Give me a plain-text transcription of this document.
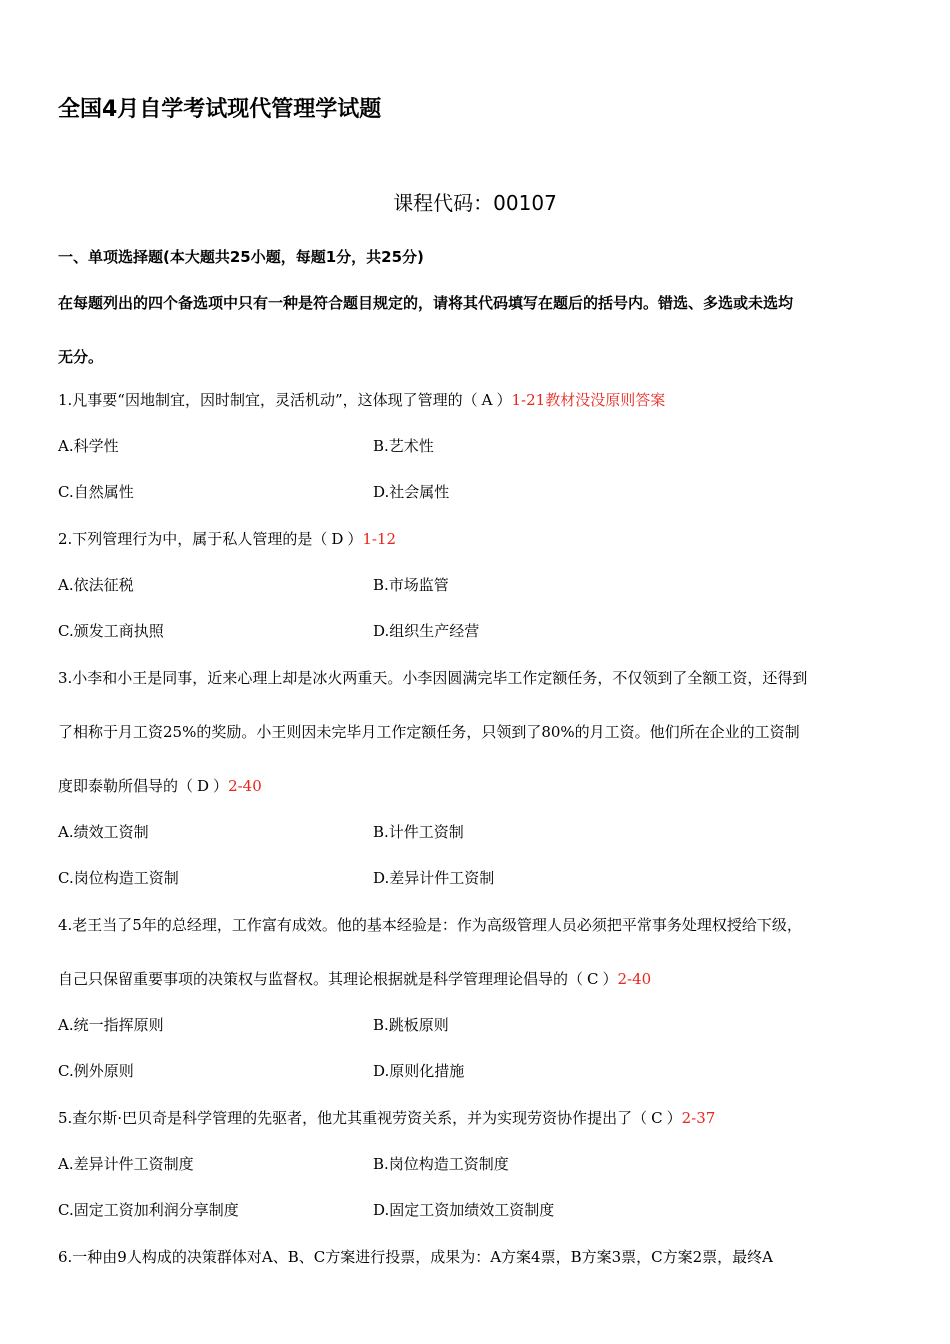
全国4月自学考试现代管理学试题
课程代码：00107
一、单项选择题(本大题共25小题，每题1分，共25分)
在每题列出的四个备选项中只有一种是符合题目规定的，请将其代码填写在题后的括号内。错选、多选或未选均
无分。
1.凡事要“因地制宜，因时制宜，灵活机动”，这体现了管理的（ A ）1-21教材没没原则答案
A.科学性	B.艺术性
C.自然属性	D.社会属性
2.下列管理行为中，属于私人管理的是（ D ）1-12
A.依法征税	B.市场监管
C.颁发工商执照	D.组织生产经营
3.小李和小王是同事，近来心理上却是冰火两重天。小李因圆满完毕工作定额任务，不仅领到了全额工资，还得到
了相称于月工资25%的奖励。小王则因未完毕月工作定额任务，只领到了80%的月工资。他们所在企业的工资制
度即泰勒所倡导的（ D ）2-40
A.绩效工资制	B.计件工资制
C.岗位构造工资制	D.差异计件工资制
4.老王当了5年的总经理，工作富有成效。他的基本经验是：作为高级管理人员必须把平常事务处理权授给下级，
自己只保留重要事项的决策权与监督权。其理论根据就是科学管理理论倡导的（ C ）2-40
A.统一指挥原则	B.跳板原则
C.例外原则	D.原则化措施
5.查尔斯·巴贝奇是科学管理的先驱者，他尤其重视劳资关系，并为实现劳资协作提出了（ C ）2-37
A.差异计件工资制度	B.岗位构造工资制度
C.固定工资加利润分享制度	D.固定工资加绩效工资制度
6.一种由9人构成的决策群体对A、B、C方案进行投票，成果为：A方案4票，B方案3票，C方案2票，最终A
